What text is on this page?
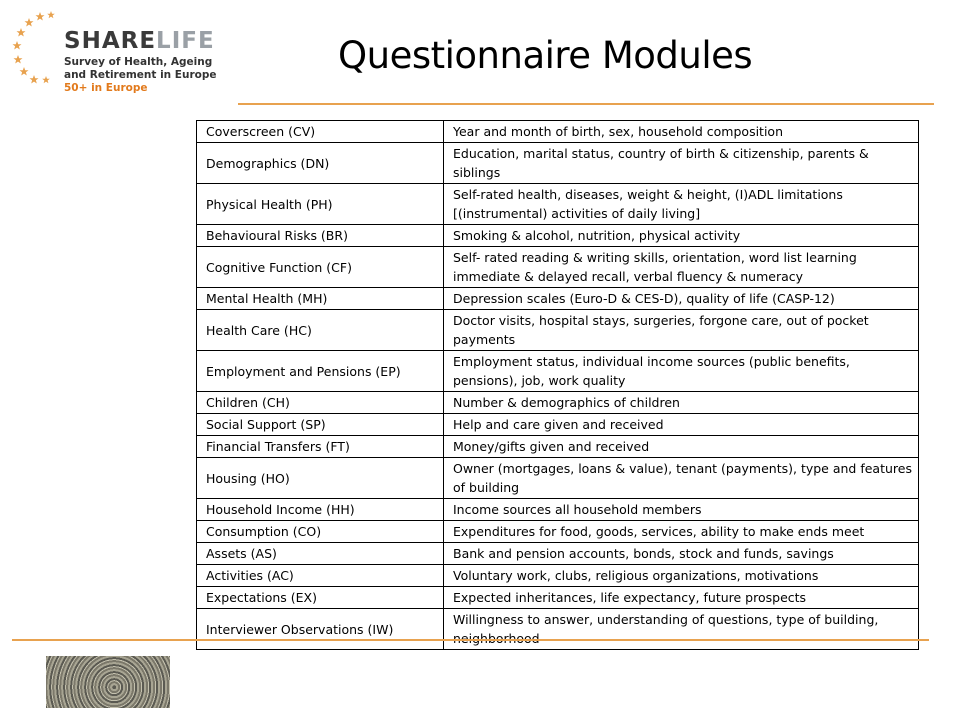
SHARELIFE
Survey of Health, Ageing
and Retirement in Europe
50+ in Europe
Questionnaire Modules
Coverscreen (CV)	Year and month of birth, sex, household composition
Demographics (DN)	Education, marital status, country of birth & citizenship, parents & siblings
Physical Health (PH)	Self-rated health, diseases, weight & height, (I)ADL limitations [(instrumental) activities of daily living]
Behavioural Risks (BR)	Smoking & alcohol, nutrition, physical activity
Cognitive Function (CF)	Self- rated reading & writing skills, orientation, word list learning immediate & delayed recall, verbal fluency & numeracy
Mental Health (MH)	Depression scales (Euro-D & CES-D), quality of life (CASP-12)
Health Care (HC)	Doctor visits, hospital stays, surgeries, forgone care, out of pocket payments
Employment and Pensions (EP)	Employment status, individual income sources (public benefits, pensions), job, work quality
Children (CH)	Number & demographics of children
Social Support (SP)	Help and care given and received
Financial Transfers (FT)	Money/gifts given and received
Housing (HO)	Owner (mortgages, loans & value), tenant (payments), type and features of building
Household Income (HH)	Income sources all household members
Consumption (CO)	Expenditures for food, goods, services, ability to make ends meet
Assets (AS)	Bank and pension accounts, bonds, stock and funds, savings
Activities (AC)	Voluntary work, clubs, religious organizations, motivations
Expectations (EX)	Expected inheritances, life expectancy, future prospects
Interviewer Observations (IW)	Willingness to answer, understanding of questions, type of building,
